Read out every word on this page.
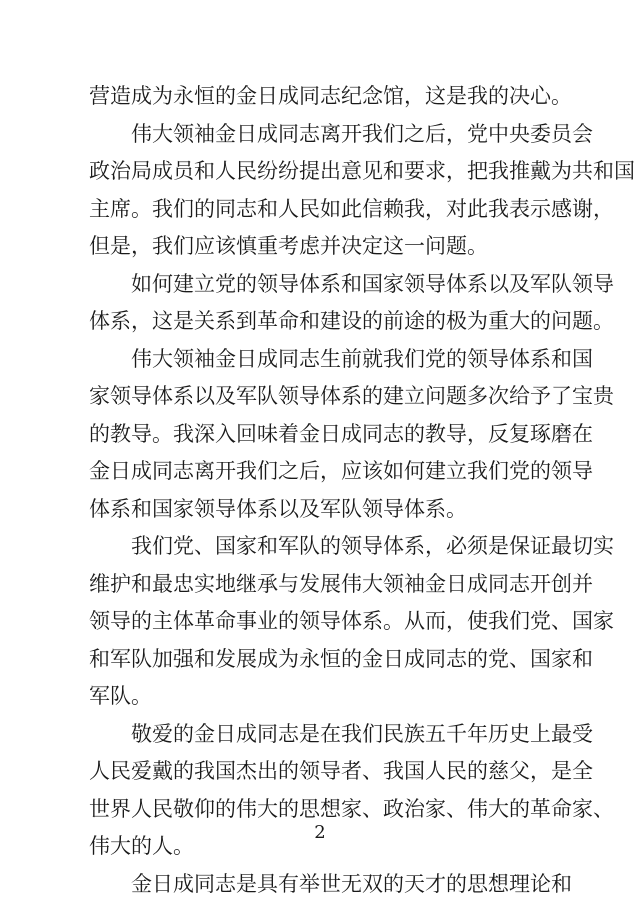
营造成为永恒的金日成同志纪念馆，这是我的决心。
伟大领袖金日成同志离开我们之后，党中央委员会
政治局成员和人民纷纷提出意见和要求，把我推戴为共和国
主席。我们的同志和人民如此信赖我，对此我表示感谢，
但是，我们应该慎重考虑并决定这一问题。
如何建立党的领导体系和国家领导体系以及军队领导
体系，这是关系到革命和建设的前途的极为重大的问题。
伟大领袖金日成同志生前就我们党的领导体系和国
家领导体系以及军队领导体系的建立问题多次给予了宝贵
的教导。我深入回味着金日成同志的教导，反复琢磨在
金日成同志离开我们之后，应该如何建立我们党的领导
体系和国家领导体系以及军队领导体系。
我们党、国家和军队的领导体系，必须是保证最切实
维护和最忠实地继承与发展伟大领袖金日成同志开创并
领导的主体革命事业的领导体系。从而，使我们党、国家
和军队加强和发展成为永恒的金日成同志的党、国家和
军队。
敬爱的金日成同志是在我们民族五千年历史上最受
人民爱戴的我国杰出的领导者、我国人民的慈父，是全
世界人民敬仰的伟大的思想家、政治家、伟大的革命家、
伟大的人。
金日成同志是具有举世无双的天才的思想理论和
2
